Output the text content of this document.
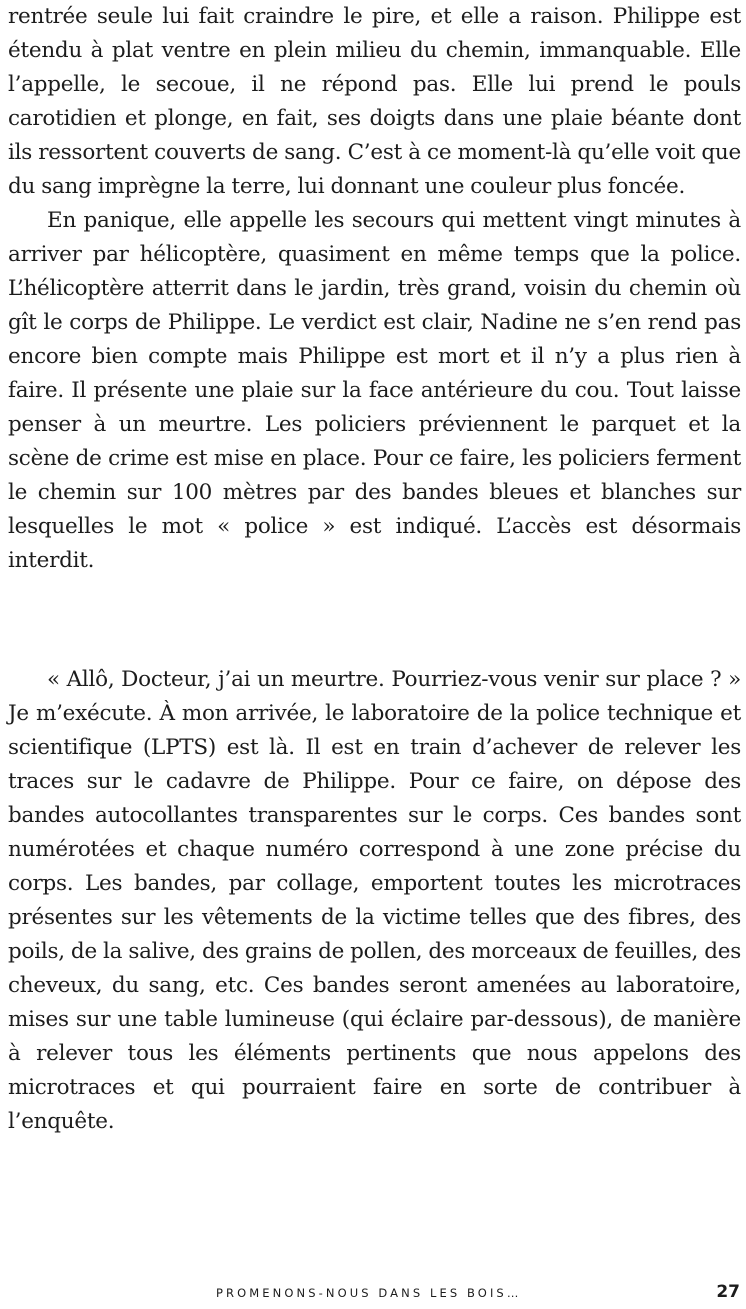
rentrée seule lui fait craindre le pire, et elle a raison. Philippe est étendu à plat ventre en plein milieu du chemin, immanquable. Elle l’appelle, le secoue, il ne répond pas. Elle lui prend le pouls carotidien et plonge, en fait, ses doigts dans une plaie béante dont ils ressortent couverts de sang. C’est à ce moment-là qu’elle voit que du sang imprègne la terre, lui donnant une couleur plus foncée.

En panique, elle appelle les secours qui mettent vingt minutes à arriver par hélicoptère, quasiment en même temps que la police. L’hélicoptère atterrit dans le jardin, très grand, voisin du chemin où gît le corps de Philippe. Le verdict est clair, Nadine ne s’en rend pas encore bien compte mais Philippe est mort et il n’y a plus rien à faire. Il présente une plaie sur la face antérieure du cou. Tout laisse penser à un meurtre. Les policiers préviennent le parquet et la scène de crime est mise en place. Pour ce faire, les policiers ferment le chemin sur 100 mètres par des bandes bleues et blanches sur lesquelles le mot « police » est indiqué. L’accès est désormais interdit.

« Allô, Docteur, j’ai un meurtre. Pourriez-vous venir sur place ? » Je m’exécute. À mon arrivée, le laboratoire de la police technique et scientifique (LPTS) est là. Il est en train d’achever de relever les traces sur le cadavre de Philippe. Pour ce faire, on dépose des bandes autocollantes transparentes sur le corps. Ces bandes sont numérotées et chaque numéro correspond à une zone précise du corps. Les bandes, par collage, emportent toutes les microtraces présentes sur les vêtements de la victime telles que des fibres, des poils, de la salive, des grains de pollen, des morceaux de feuilles, des cheveux, du sang, etc. Ces bandes seront amenées au laboratoire, mises sur une table lumineuse (qui éclaire par-dessous), de manière à relever tous les éléments pertinents que nous appelons des microtraces et qui pourraient faire en sorte de contribuer à l’enquête.

PROMENONS-NOUS DANS LES BOIS…	27
